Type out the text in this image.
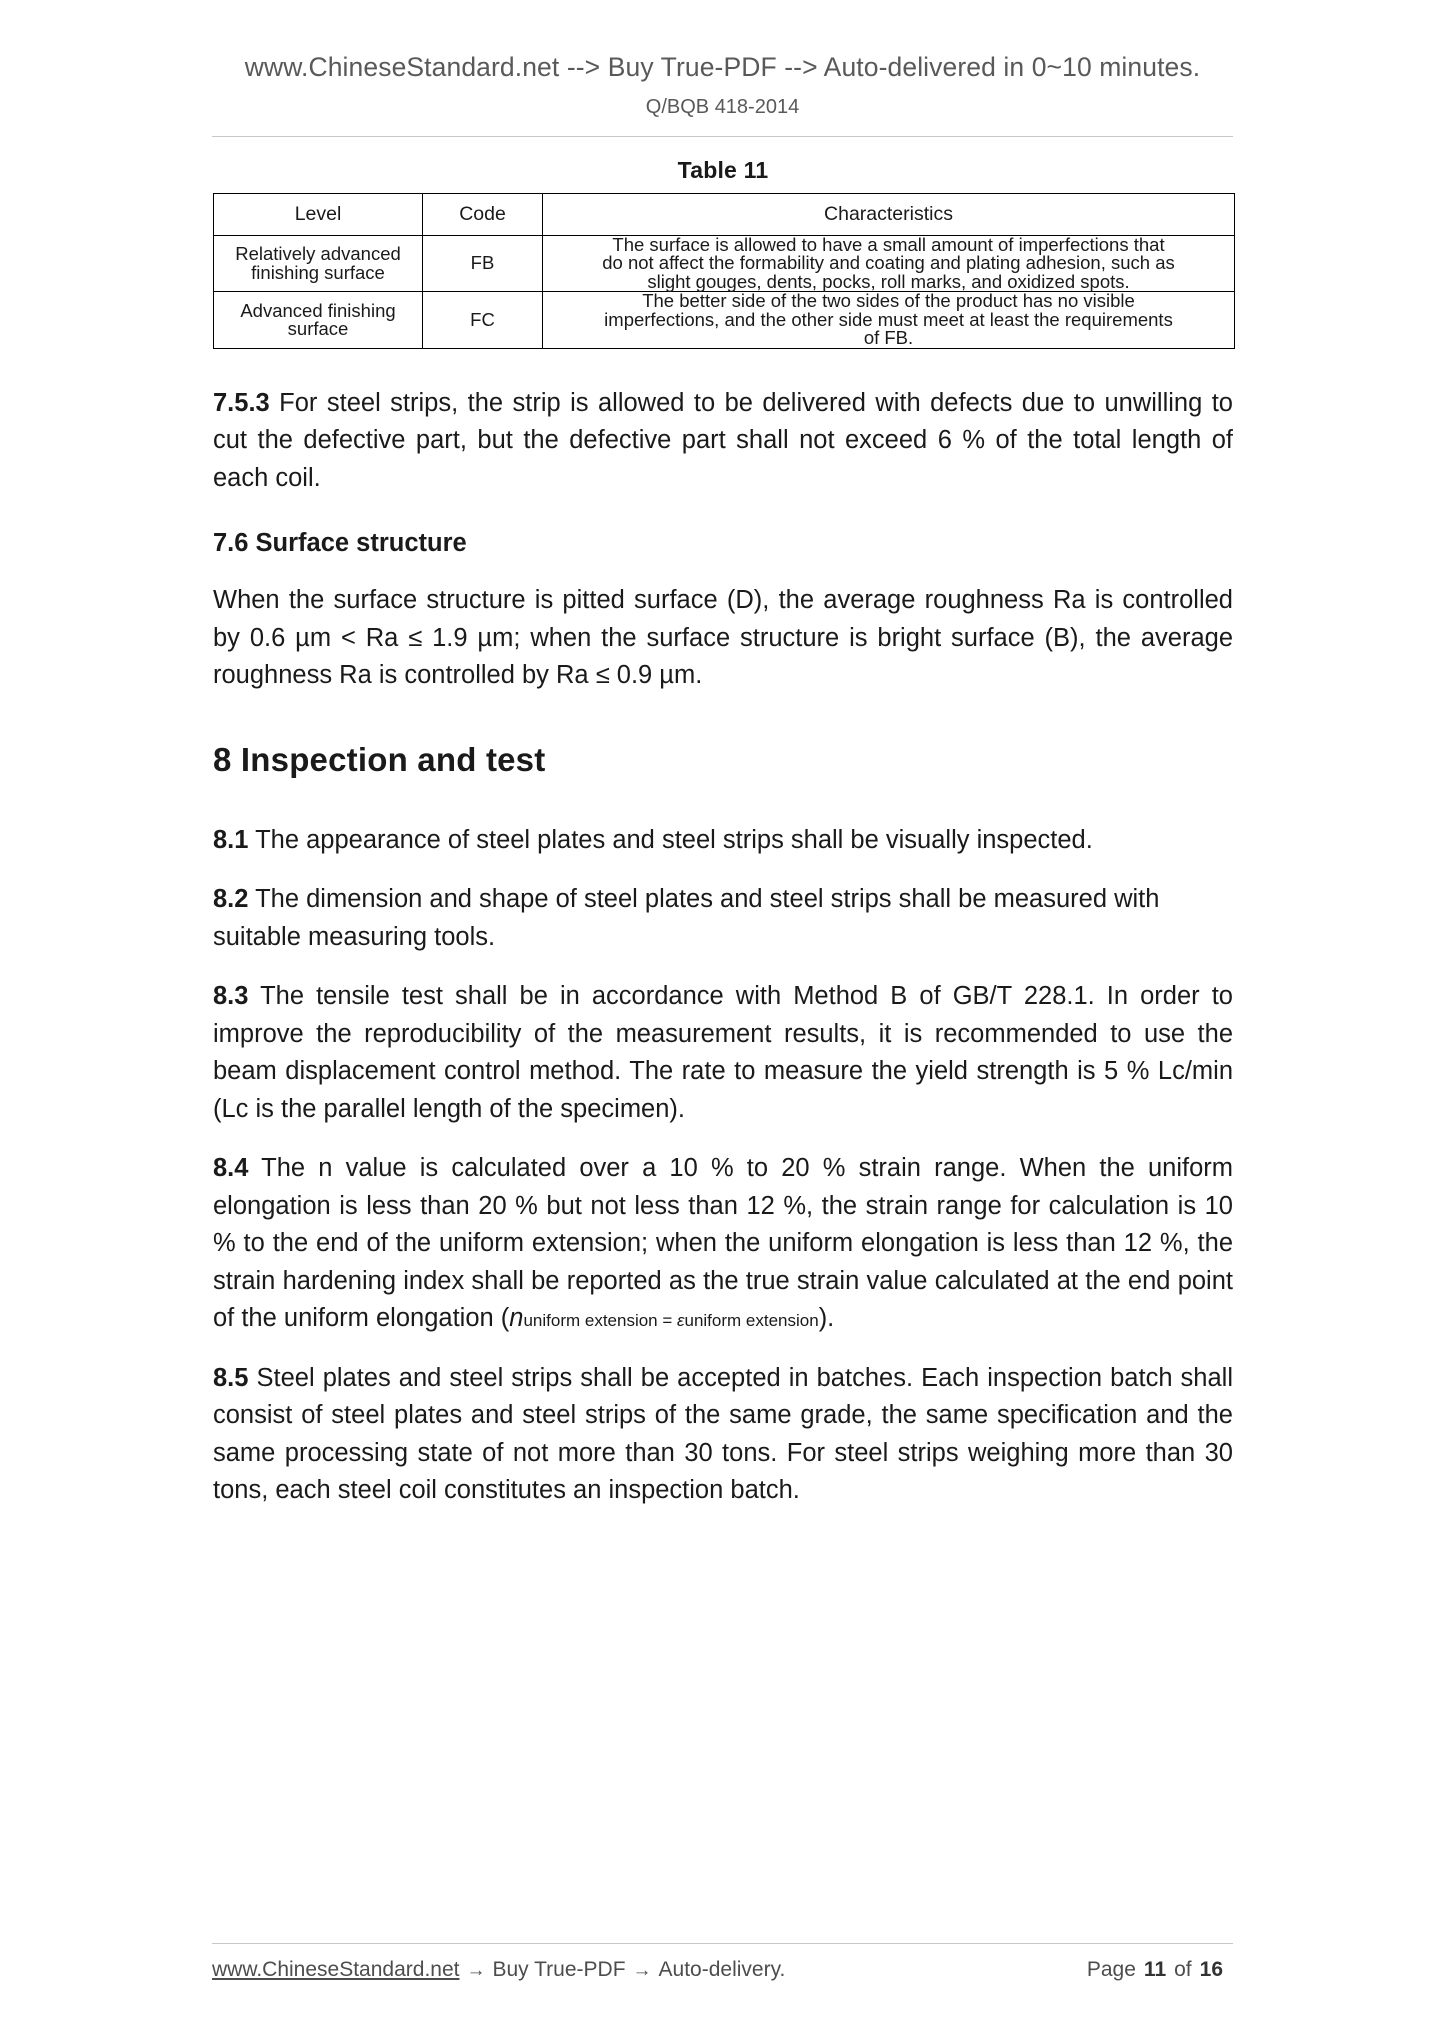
www.ChineseStandard.net --> Buy True-PDF --> Auto-delivered in 0~10 minutes.
Q/BQB 418-2014
Table 11
Level	Code	Characteristics
Relatively advanced finishing surface	FB	The surface is allowed to have a small amount of imperfections that
do not affect the formability and coating and plating adhesion, such as
slight gouges, dents, pocks, roll marks, and oxidized spots.

Advanced finishing surface	FC	The better side of the two sides of the product has no visible
imperfections, and the other side must meet at least the requirements
of FB.

7.5.3 For steel strips, the strip is allowed to be delivered with defects due to unwilling to cut the defective part, but the defective part shall not exceed 6 % of the total length of each coil.

7.6 Surface structure

When the surface structure is pitted surface (D), the average roughness Ra is controlled by 0.6 µm < Ra ≤ 1.9 µm; when the surface structure is bright surface (B), the average roughness Ra is controlled by Ra ≤ 0.9 µm.

8 Inspection and test

8.1 The appearance of steel plates and steel strips shall be visually inspected.

8.2 The dimension and shape of steel plates and steel strips shall be measured with suitable measuring tools.

8.3 The tensile test shall be in accordance with Method B of GB/T 228.1. In order to improve the reproducibility of the measurement results, it is recommended to use the beam displacement control method. The rate to measure the yield strength is 5 % Lc/min (Lc is the parallel length of the specimen).

8.4 The n value is calculated over a 10 % to 20 % strain range. When the uniform elongation is less than 20 % but not less than 12 %, the strain range for calculation is 10 % to the end of the uniform extension; when the uniform elongation is less than 12 %, the strain hardening index shall be reported as the true strain value calculated at the end point of the uniform elongation (nuniform extension = εuniform extension).

8.5 Steel plates and steel strips shall be accepted in batches. Each inspection batch shall consist of steel plates and steel strips of the same grade, the same specification and the same processing state of not more than 30 tons. For steel strips weighing more than 30 tons, each steel coil constitutes an inspection batch.

www.ChineseStandard.net → Buy True-PDF → Auto-delivery.	Page 11 of 16
